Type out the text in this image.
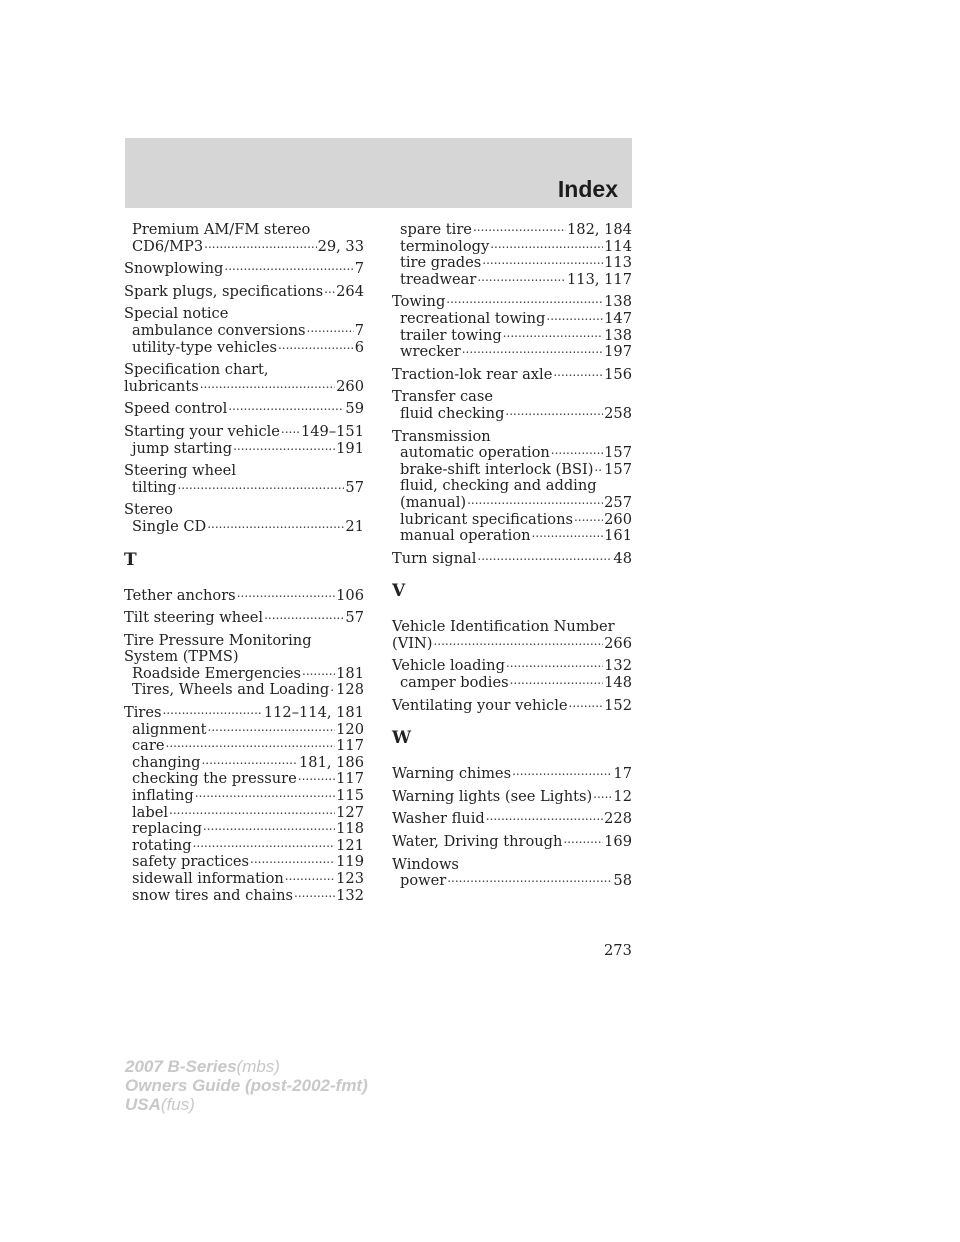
Index
Premium AM/FM stereo
CD6/MP3 .....	29, 33
Snowplowing .....	7
Spark plugs, specifications ..... 264
Special notice
ambulance conversions .....	7
utility-type vehicles .....	6
Specification chart,
lubricants .....	260
Speed control .....	59
Starting your vehicle ..... 149–151
jump starting .....	191
Steering wheel
tilting .....	57
Stereo
Single CD .....	21
T
Tether anchors .....	106
Tilt steering wheel .....	57
Tire Pressure Monitoring
System (TPMS)
Roadside Emergencies ..... 181
Tires, Wheels and Loading ..... 128
Tires .....	112–114, 181
alignment .....	120
care .....	117
changing .....	181, 186
checking the pressure .....	117
inflating .....	115
label .....	127
replacing .....	118
rotating .....	121
safety practices .....	119
sidewall information .....	123
snow tires and chains .....	132
spare tire .....	182, 184
terminology .....	114
tire grades .....	113
treadwear .....	113, 117
Towing .....	138
recreational towing .....	147
trailer towing .....	138
wrecker .....	197
Traction-lok rear axle .....	156
Transfer case
fluid checking .....	258
Transmission
automatic operation .....	157
brake-shift interlock (BSI) ..... 157
fluid, checking and adding
(manual) .....	257
lubricant specifications ..... 260
manual operation .....	161
Turn signal .....	48
V
Vehicle Identification Number
(VIN) .....	266
Vehicle loading .....	132
camper bodies .....	148
Ventilating your vehicle .....	152
W
Warning chimes .....	17
Warning lights (see Lights) ..... 12
Washer fluid .....	228
Water, Driving through .....	169
Windows
power .....	58
273
2007 B-Series(mbs)
Owners Guide (post-2002-fmt)
USA(fus)
